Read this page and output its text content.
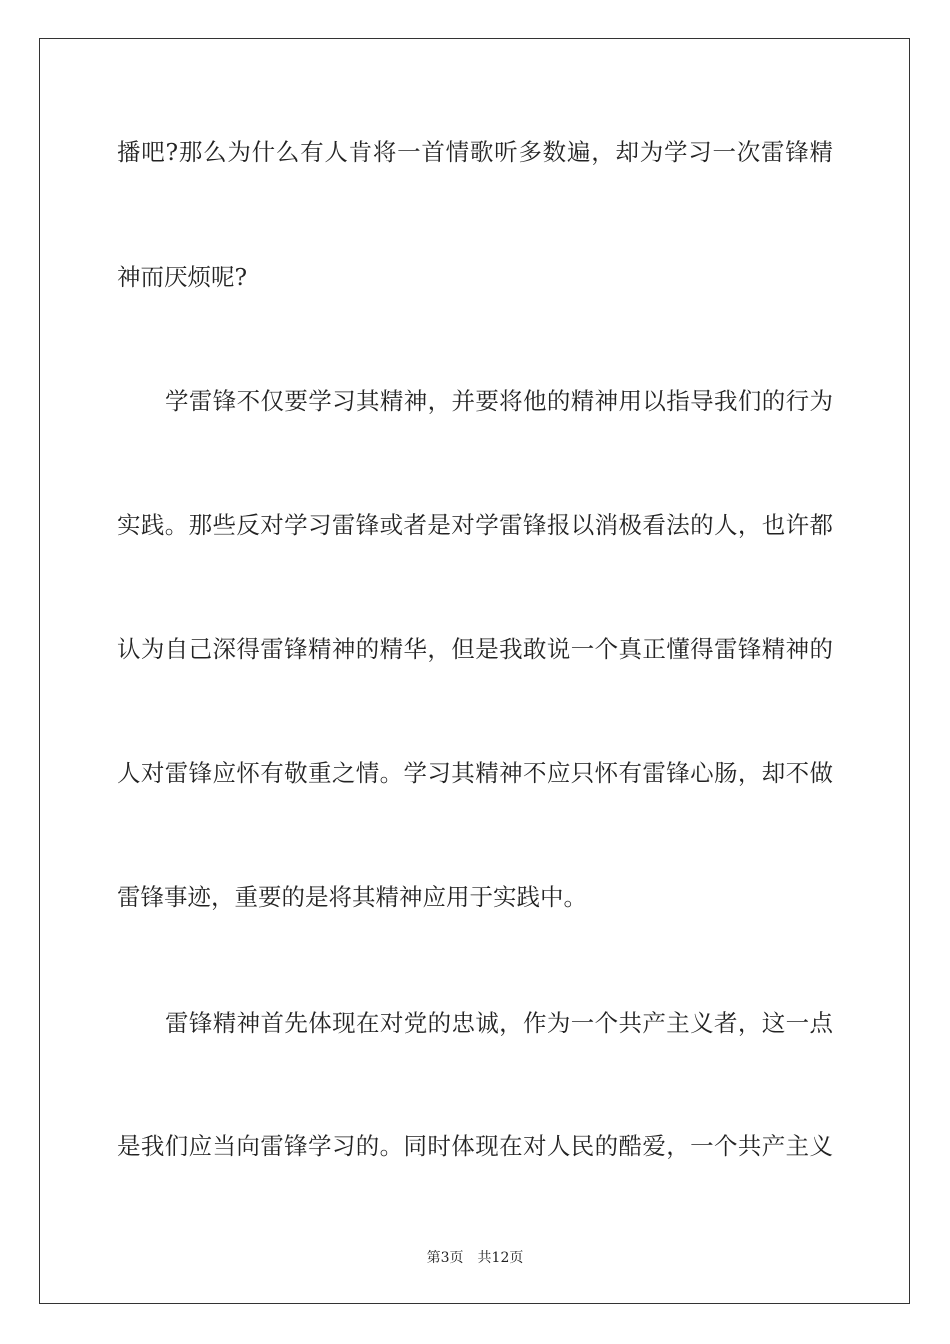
播吧?那么为什么有人肯将一首情歌听多数遍，却为学习一次雷锋精

神而厌烦呢?

学雷锋不仅要学习其精神，并要将他的精神用以指导我们的行为

实践。那些反对学习雷锋或者是对学雷锋报以消极看法的人，也许都

认为自己深得雷锋精神的精华，但是我敢说一个真正懂得雷锋精神的

人对雷锋应怀有敬重之情。学习其精神不应只怀有雷锋心肠，却不做

雷锋事迹，重要的是将其精神应用于实践中。

雷锋精神首先体现在对党的忠诚，作为一个共产主义者，这一点

是我们应当向雷锋学习的。同时体现在对人民的酷爱，一个共产主义

第3页 共12页
